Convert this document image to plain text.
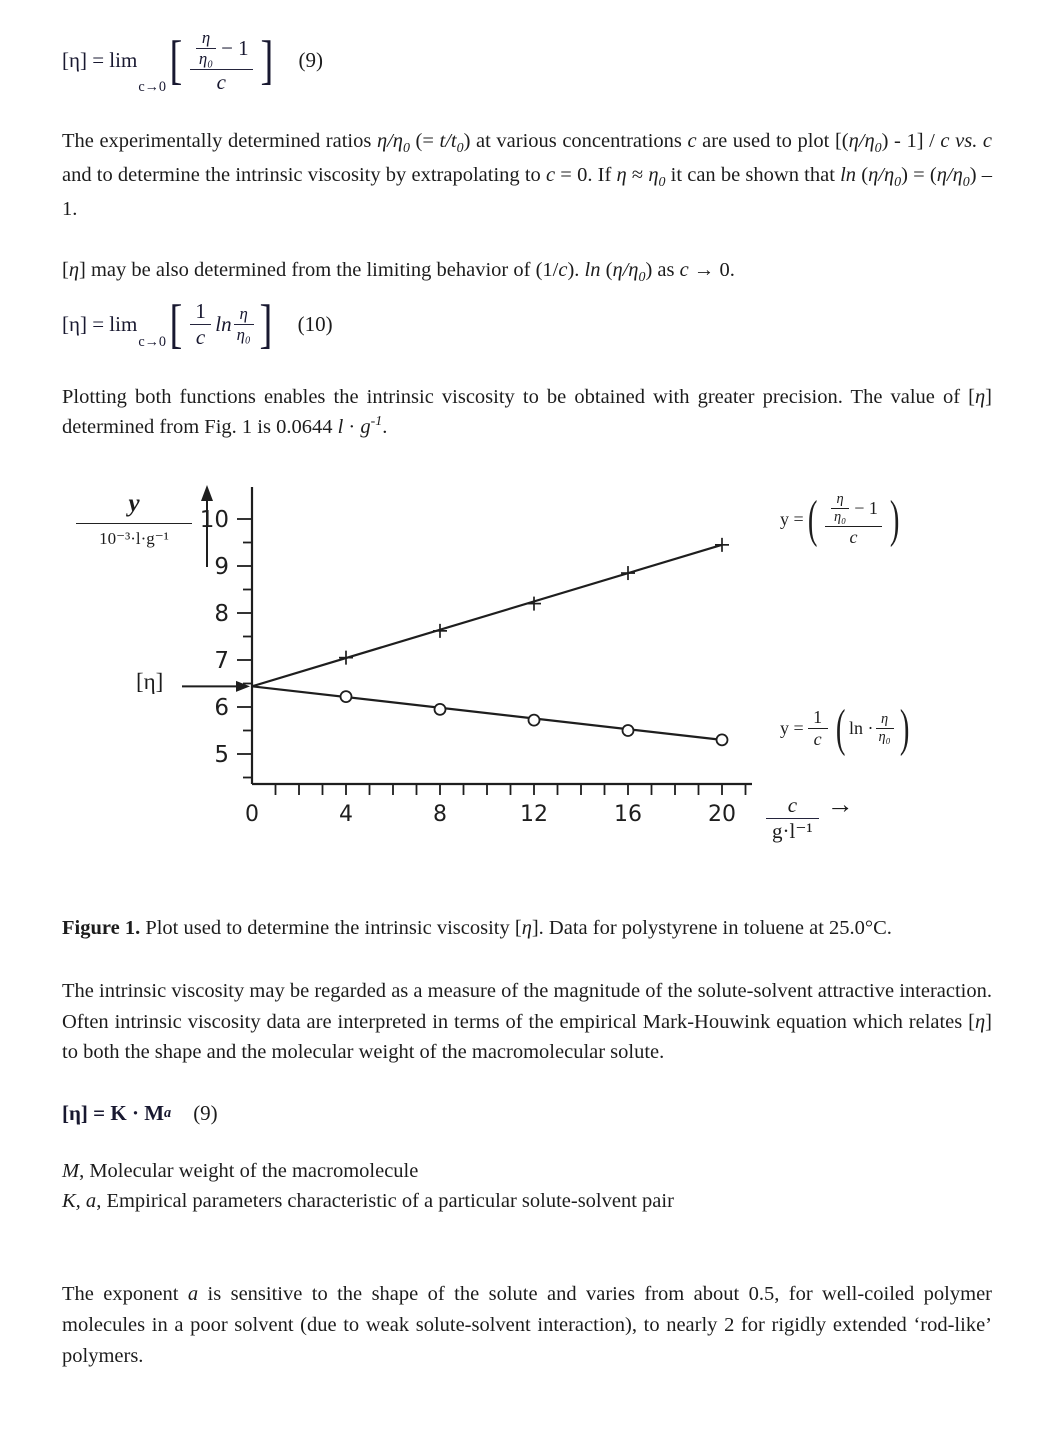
[η] = lim
c→0 [ $\frac{\frac{\eta}{\text{η₀}} - 1}{c}$ ] (9)

The experimentally determined ratios $\eta/\eta_0$ (= $t/t_0$) at various concentrations c are used to plot $[(\eta/\eta_0) - 1]$ / c vs. c and to determine the intrinsic viscosity by extrapolating to c = 0. If $\eta \approx \eta_0$ it can be shown that $\ln (\eta/\eta_0) = (\eta/\eta_0) - 1$.

[η] may be also determined from the limiting behavior of (1/c). $\ln (\eta/\eta_0)$ as c → 0.

[η] = lim
c→0 [ $\frac{1}{c}$ $\ln \frac{\eta}{\text{η₀}}$ ] (10)

Plotting both functions enables the intrinsic viscosity to be obtained with greater precision. The value of [η] determined from Fig. 1 is 0.0644 $l \cdot g^{-1}$.

5
6
7
8
9
10
0	4	8	12	16	20
y
10⁻³·l·g⁻¹
[η]
y = ( $\frac{\frac{\eta}{\text{η₀}} - 1}{c}$ )
$y = \frac{1}{c}$ ( $\ln \cdot \frac{\eta}{\text{η₀}}$ )
$\frac{c}{\text{g·l⁻¹}}$ →

Figure 1. Plot used to determine the intrinsic viscosity [η]. Data for polystyrene in toluene at 25.0°C.

The intrinsic viscosity may be regarded as a measure of the magnitude of the solute-solvent attractive interaction. Often intrinsic viscosity data are interpreted in terms of the empirical Mark-Houwink equation which relates [η] to both the shape and the molecular weight of the macromolecular solute.

[η] = K · M a (9)

M, Molecular weight of the macromolecule

K, a, Empirical parameters characteristic of a particular solute-solvent pair

The exponent a is sensitive to the shape of the solute and varies from about 0.5, for well-coiled polymer molecules in a poor solvent (due to weak solute-solvent interaction), to nearly 2 for rigidly extended ‘rod-like’ polymers.
